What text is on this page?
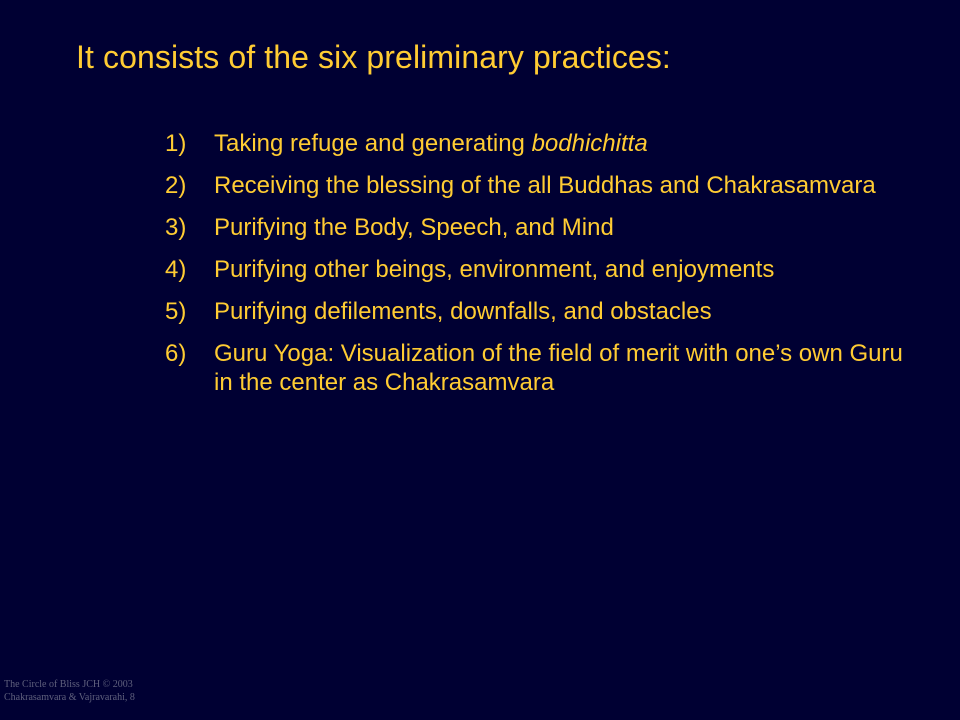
It consists of the six preliminary practices:
1)	Taking refuge and generating bodhichitta
2)	Receiving the blessing of the all Buddhas and Chakrasamvara
3)	Purifying the Body, Speech, and Mind
4)	Purifying other beings, environment, and enjoyments
5)	Purifying defilements, downfalls, and obstacles
6)	Guru Yoga: Visualization of the field of merit with one’s own Guru in the center as Chakrasamvara
The Circle of Bliss JCH © 2003
Chakrasamvara & Vajravarahi, 8
